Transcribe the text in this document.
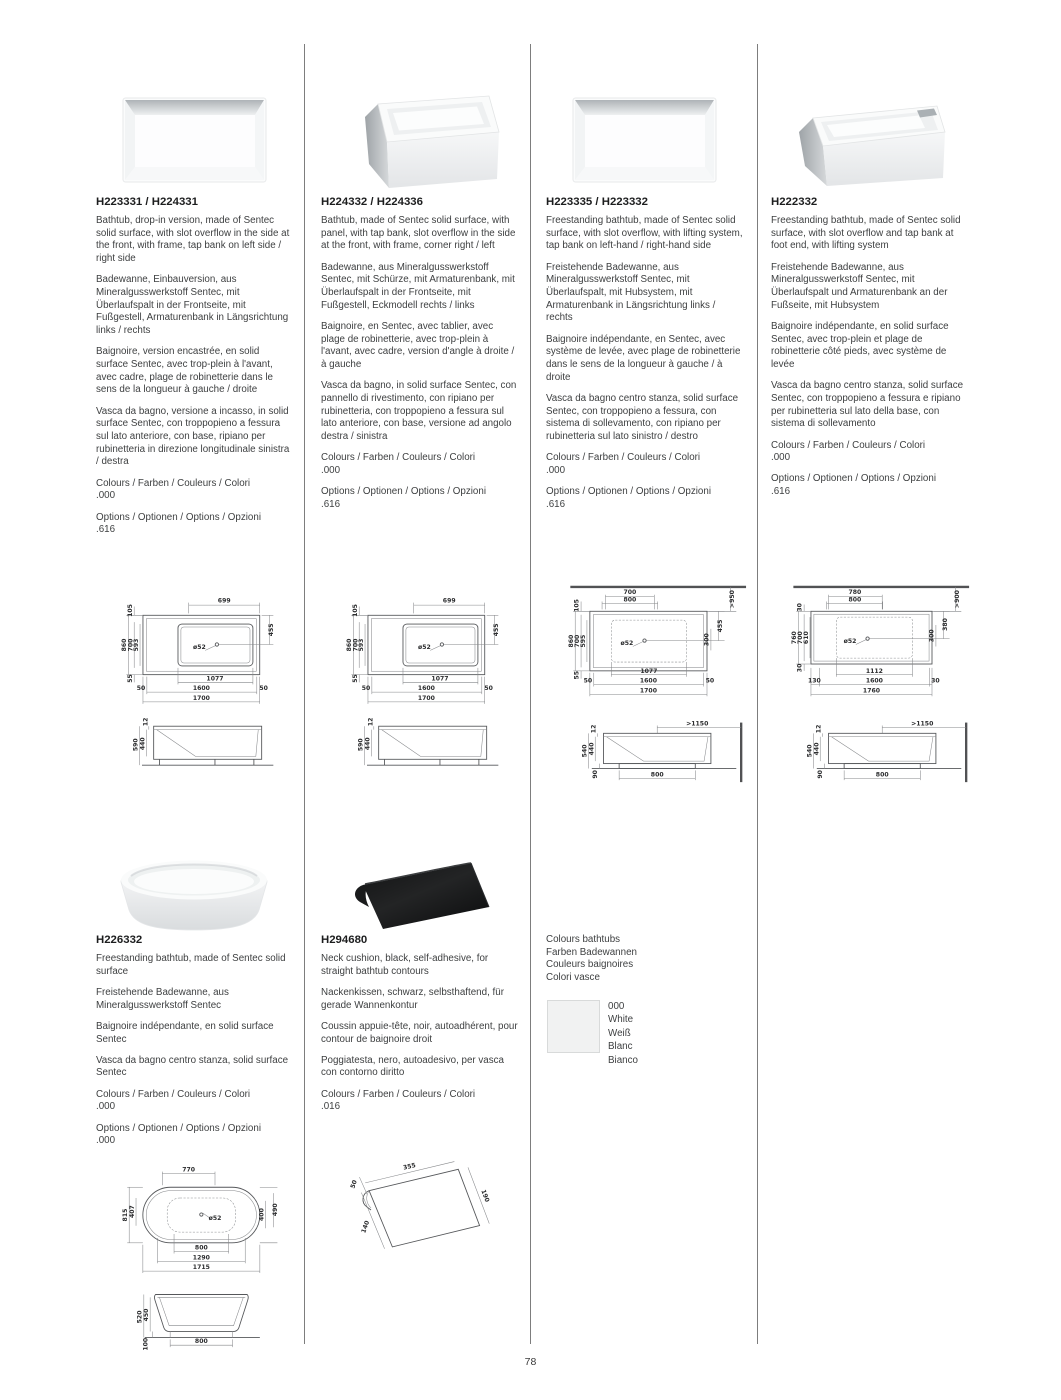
H223331 / H224331

Bathtub, drop-in version, made of Sentec solid surface, with slot overflow in the side at the front, with frame, tap bank on left side / right side

Badewanne, Einbauversion, aus Mineralgusswerkstoff Sentec, mit Überlaufspalt in der Frontseite, mit Fußgestell, Armaturenbank in Längsrichtung links / rechts

Baignoire, version encastrée, en solid surface Sentec, avec trop-plein à l'avant, avec cadre, plage de robinetterie dans le sens de la longueur à gauche / droite

Vasca da bagno, versione a incasso, in solid surface Sentec, con troppopieno a fessura sul lato anteriore, con base, ripiano per rubinetteria in direzione longitudinale sinistra / destra

Colours / Farben / Couleurs / Colori
.000

Options / Optionen / Options / Opzioni
.616

H224332 / H224336

Bathtub, made of Sentec solid surface, with panel, with tap bank, slot overflow in the side at the front, with frame, corner right / left

Badewanne, aus Mineralgusswerkstoff Sentec, mit Schürze, mit Armaturenbank, mit Überlaufspalt in der Frontseite, mit Fußgestell, Eckmodell rechts / links

Baignoire, en Sentec, avec tablier, avec plage de robinetterie, avec trop-plein à l'avant, avec cadre, version d'angle à droite / à gauche

Vasca da bagno, in solid surface Sentec, con pannello di rivestimento, con ripiano per rubinetteria, con troppopieno a fessura sul lato anteriore, con base, versione ad angolo destra / sinistra

Colours / Farben / Couleurs / Colori
.000

Options / Optionen / Options / Opzioni
.616

H223335 / H223332

Freestanding bathtub, made of Sentec solid surface, with slot overflow, with lifting system, tap bank on left-hand / right-hand side

Freistehende Badewanne, aus Mineralgusswerkstoff Sentec, mit Überlaufspalt, mit Hubsystem, mit Armaturenbank in Längsrichtung links / rechts

Baignoire indépendante, en Sentec, avec système de levée, avec plage de robinetterie dans le sens de la longueur à gauche / à droite

Vasca da bagno centro stanza, solid surface Sentec, con troppopieno a fessura, con sistema di sollevamento, con ripiano per rubinetteria sul lato sinistro / destro

Colours / Farben / Couleurs / Colori
.000

Options / Optionen / Options / Opzioni
.616

H222332

Freestanding bathtub, made of Sentec solid surface, with slot overflow and tap bank at foot end, with lifting system

Freistehende Badewanne, aus Mineralgusswerkstoff Sentec, mit Überlaufspalt und Armaturenbank an der Fußseite, mit Hubsystem

Baignoire indépendante, en solid surface Sentec, avec trop-plein et plage de robinetterie côté pieds, avec système de levée

Vasca da bagno centro stanza, solid surface Sentec, con troppopieno a fessura e ripiano per rubinetteria sul lato della base, con sistema di sollevamento

Colours / Farben / Couleurs / Colori
.000

Options / Optionen / Options / Opzioni
.616

ø52
699
455
860 700
593
105
55	1077
1600
50	50
1700
12
440
590
ø52
699
455
860 700
593
105
55	1077
1600
50	50
1700
12
440
590
ø52
700
800	>950
455
300
860 700
595
105
55	1077
1600
50	50
1700
12
440
540
90	800
>1150
ø52
780
800	>900
380
300
760 700
610
30
30	1112
1600
130	30
1760
12
440
540
90	800
>1150
H226332

Freestanding bathtub, made of Sentec solid surface

Freistehende Badewanne, aus Mineralgusswerkstoff Sentec

Baignoire indépendante, en solid surface Sentec

Vasca da bagno centro stanza, solid surface Sentec

Colours / Farben / Couleurs / Colori
.000

Options / Optionen / Options / Opzioni
.000

H294680

Neck cushion, black, self-adhesive, for straight bathtub contours

Nackenkissen, schwarz, selbsthaftend, für gerade Wannenkontur

Coussin appuie-tête, noir, autoadhérent, pour contour de baignoire droit

Poggiatesta, nero, autoadesivo, per vasca con contorno diritto

Colours / Farben / Couleurs / Colori
.016

Colours bathtubs

Farben Badewannen

Couleurs baignoires

Colori vasce

000
White
Weiß
Blanc
Bianco
ø52
770
815 407	400 490
800
1290
1715
520 450
100	800
355
50
140
190
78
